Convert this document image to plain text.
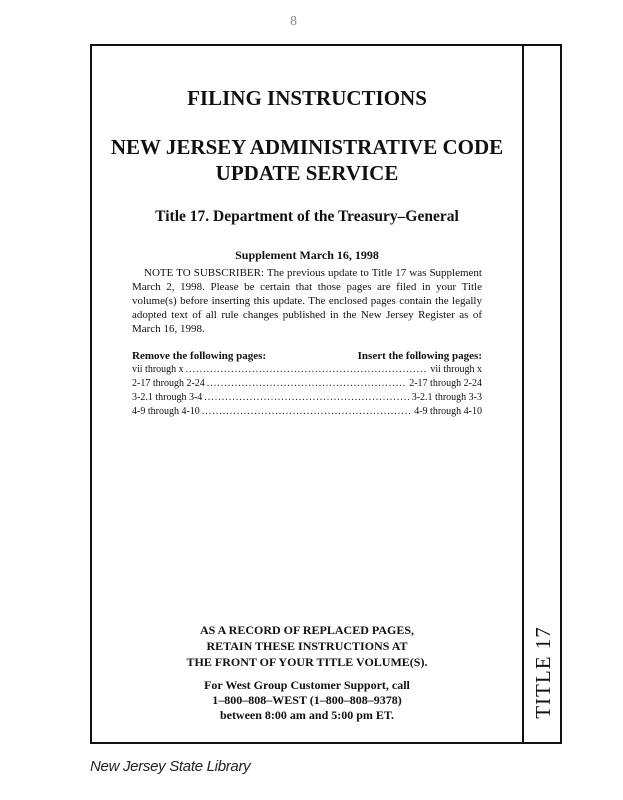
8
TITLE 17
FILING INSTRUCTIONS
NEW JERSEY ADMINISTRATIVE CODE
UPDATE SERVICE
Title 17. Department of the Treasury–General
Supplement March 16, 1998
NOTE TO SUBSCRIBER: The previous update to Title 17 was Supplement March 2, 1998. Please be certain that those pages are filed in your Title volume(s) before inserting this update. The enclosed pages contain the legally adopted text of all rule changes published in the New Jersey Register as of March 16, 1998.
Remove the following pages:	Insert the following pages:
vii through x .....	vii through x
2-17 through 2-24 .....	2-17 through 2-24
3-2.1 through 3-4 .....	3-2.1 through 3-3
4-9 through 4-10 .....	4-9 through 4-10
AS A RECORD OF REPLACED PAGES,
RETAIN THESE INSTRUCTIONS AT
THE FRONT OF YOUR TITLE VOLUME(S).
For West Group Customer Support, call
1–800–808–WEST (1–800–808–9378)
between 8:00 am and 5:00 pm ET.
New Jersey State Library
